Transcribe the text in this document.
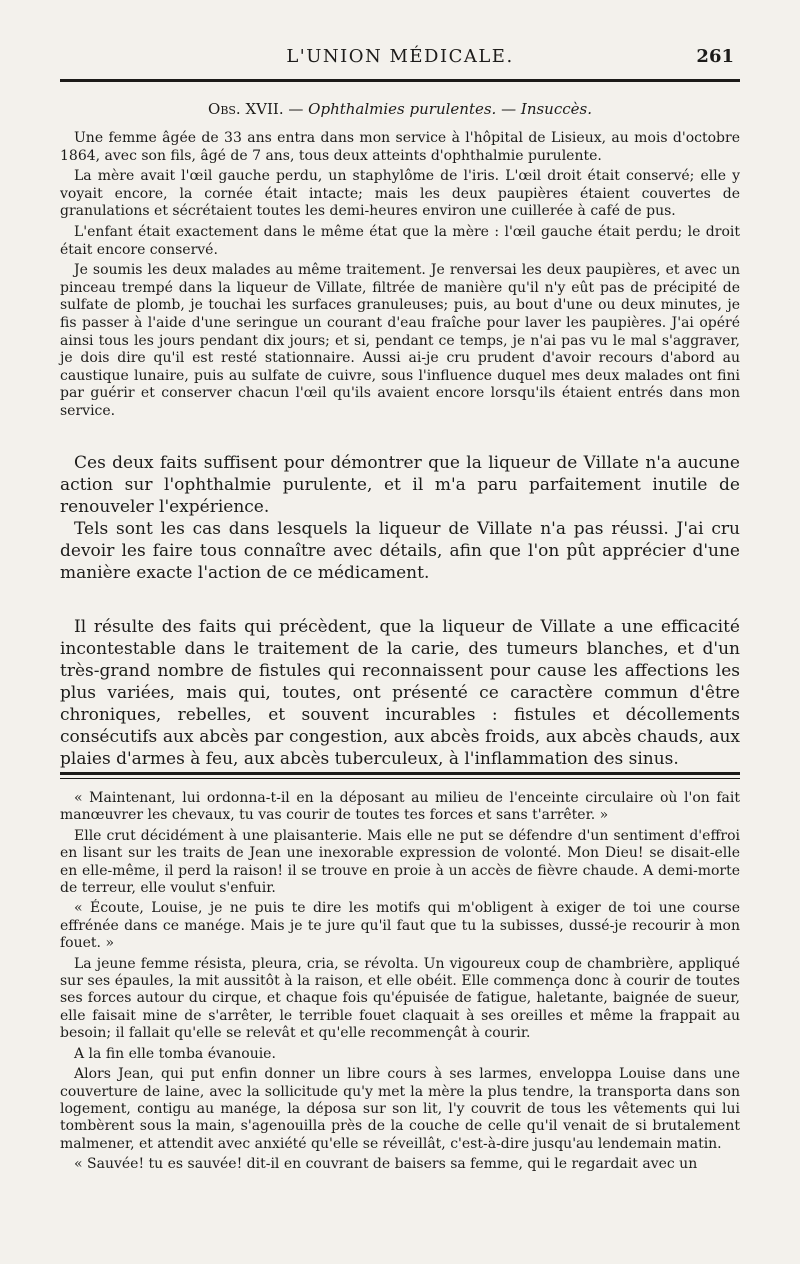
L'UNION MÉDICALE.	261
Obs. XVII. — Ophthalmies purulentes. — Insuccès.

Une femme âgée de 33 ans entra dans mon service à l'hôpital de Lisieux, au mois d'octobre 1864, avec son fils, âgé de 7 ans, tous deux atteints d'ophthalmie purulente.

La mère avait l'œil gauche perdu, un staphylôme de l'iris. L'œil droit était conservé; elle y voyait encore, la cornée était intacte; mais les deux paupières étaient couvertes de granulations et sécrétaient toutes les demi-heures environ une cuillerée à café de pus.

L'enfant était exactement dans le même état que la mère : l'œil gauche était perdu; le droit était encore conservé.

Je soumis les deux malades au même traitement. Je renversai les deux paupières, et avec un pinceau trempé dans la liqueur de Villate, filtrée de manière qu'il n'y eût pas de précipité de sulfate de plomb, je touchai les surfaces granuleuses; puis, au bout d'une ou deux minutes, je fis passer à l'aide d'une seringue un courant d'eau fraîche pour laver les paupières. J'ai opéré ainsi tous les jours pendant dix jours; et si, pendant ce temps, je n'ai pas vu le mal s'aggraver, je dois dire qu'il est resté stationnaire. Aussi ai-je cru prudent d'avoir recours d'abord au caustique lunaire, puis au sulfate de cuivre, sous l'influence duquel mes deux malades ont fini par guérir et conserver chacun l'œil qu'ils avaient encore lorsqu'ils étaient entrés dans mon service.

Ces deux faits suffisent pour démontrer que la liqueur de Villate n'a aucune action sur l'ophthalmie purulente, et il m'a paru parfaitement inutile de renouveler l'expérience.

Tels sont les cas dans lesquels la liqueur de Villate n'a pas réussi. J'ai cru devoir les faire tous connaître avec détails, afin que l'on pût apprécier d'une manière exacte l'action de ce médicament.

Il résulte des faits qui précèdent, que la liqueur de Villate a une efficacité incontestable dans le traitement de la carie, des tumeurs blanches, et d'un très-grand nombre de fistules qui reconnaissent pour cause les affections les plus variées, mais qui, toutes, ont présenté ce caractère commun d'être chroniques, rebelles, et souvent incurables : fistules et décollements consécutifs aux abcès par congestion, aux abcès froids, aux abcès chauds, aux plaies d'armes à feu, aux abcès tuberculeux, à l'inflammation des sinus.

« Maintenant, lui ordonna-t-il en la déposant au milieu de l'enceinte circulaire où l'on fait manœuvrer les chevaux, tu vas courir de toutes tes forces et sans t'arrêter. »

Elle crut décidément à une plaisanterie. Mais elle ne put se défendre d'un sentiment d'effroi en lisant sur les traits de Jean une inexorable expression de volonté. Mon Dieu! se disait-elle en elle-même, il perd la raison! il se trouve en proie à un accès de fièvre chaude. A demi-morte de terreur, elle voulut s'enfuir.

« Écoute, Louise, je ne puis te dire les motifs qui m'obligent à exiger de toi une course effrénée dans ce manége. Mais je te jure qu'il faut que tu la subisses, dussé-je recourir à mon fouet. »

La jeune femme résista, pleura, cria, se révolta. Un vigoureux coup de chambrière, appliqué sur ses épaules, la mit aussitôt à la raison, et elle obéit. Elle commença donc à courir de toutes ses forces autour du cirque, et chaque fois qu'épuisée de fatigue, haletante, baignée de sueur, elle faisait mine de s'arrêter, le terrible fouet claquait à ses oreilles et même la frappait au besoin; il fallait qu'elle se relevât et qu'elle recommençât à courir.

A la fin elle tomba évanouie.

Alors Jean, qui put enfin donner un libre cours à ses larmes, enveloppa Louise dans une couverture de laine, avec la sollicitude qu'y met la mère la plus tendre, la transporta dans son logement, contigu au manége, la déposa sur son lit, l'y couvrit de tous les vêtements qui lui tombèrent sous la main, s'agenouilla près de la couche de celle qu'il venait de si brutalement malmener, et attendit avec anxiété qu'elle se réveillât, c'est-à-dire jusqu'au lendemain matin.

« Sauvée! tu es sauvée! dit-il en couvrant de baisers sa femme, qui le regardait avec un
